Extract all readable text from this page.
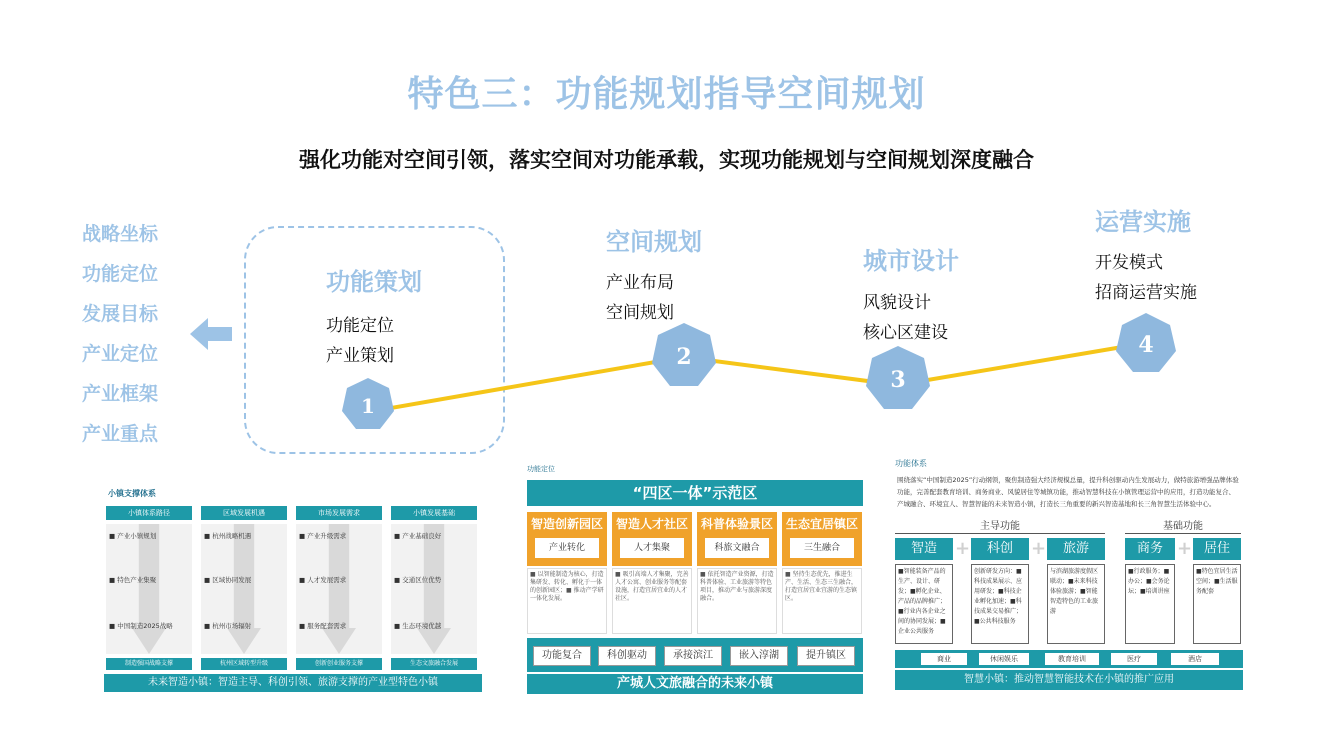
特色三：功能规划指导空间规划
强化功能对空间引领，落实空间对功能承载，实现功能规划与空间规划深度融合
战略坐标
功能定位
发展目标
产业定位
产业框架
产业重点
功能策划
功能定位
产业策划
空间规划
产业布局
空间规划
城市设计
风貌设计
核心区建设
运营实施
开发模式
招商运营实施
1
2
3
4
小镇支撑体系
小镇体系路径	区域发展机遇	市场发展需求	小镇发展基础
■ 产业小镇规划
■ 特色产业集聚
■ 中国制造2025战略
■ 杭州战略机遇
■ 区域协同发展
■ 杭州市场辐射
■ 产业升级需求
■ 人才发展需求
■ 服务配套需求
■ 产业基础良好
■ 交通区位优势
■ 生态环境优越
制造强国战略支撑	杭州区域转型升级	创新创业服务支撑	生态文旅融合发展
未来智造小镇：智造主导、科创引领、旅游支撑的产业型特色小镇
功能定位
“四区一体”示范区
智造创新园区
产业转化
智造人才社区
人才集聚
科普体验景区
科旅文融合
生态宜居镇区
三生融合
■ 以智能制造为核心，打造集研发、转化、孵化于一体的创新园区；■ 推动产学研一体化发展。
■ 吸引高端人才集聚，完善人才公寓、创业服务等配套设施，打造宜居宜业的人才社区。
■ 依托智造产业资源，打造科普体验、工业旅游等特色项目，推动产业与旅游深度融合。
■ 坚持生态优先，推进生产、生活、生态三生融合，打造宜居宜业宜游的生态镇区。
功能复合	科创驱动	承接滨江	嵌入淳湖	提升镇区
产城人文旅融合的未来小镇
功能体系
围绕落实“中国制造2025”行动纲领，聚焦制造强大经济规模总量，提升科创驱动内生发展动力，做特旅游增强品牌体验功能，完善配套教育培训、商务商业、风貌居住等城镇功能，推动智慧科技在小镇管理运营中的应用，打造功能复合、产城融合、环境宜人、智慧智能的未来智造小镇，打造长三角重要的新兴智造基地和长三角智慧生活体验中心。
主导功能	基础功能
智造	+	科创	+	旅游	商务 + 居住
■智能装备产品的生产、设计、研发；■孵化企业、产品的品牌推广；■行业内各企业之间的协同发展；■企业公共服务
创新研发方向：■科技成果展示、应用研发；■科技企业孵化加速；■科技成果交易推广；■公共科技服务
与滨湖旅游度假区联动；■未来科技体验旅游；■智能智造特色的工业旅游
■行政服务；■办公；■会务论坛；■培训讲座
■特色宜居生活空间；■生活服务配套
商业	休闲娱乐	教育培训	医疗	酒店
智慧小镇：推动智慧智能技术在小镇的推广应用
